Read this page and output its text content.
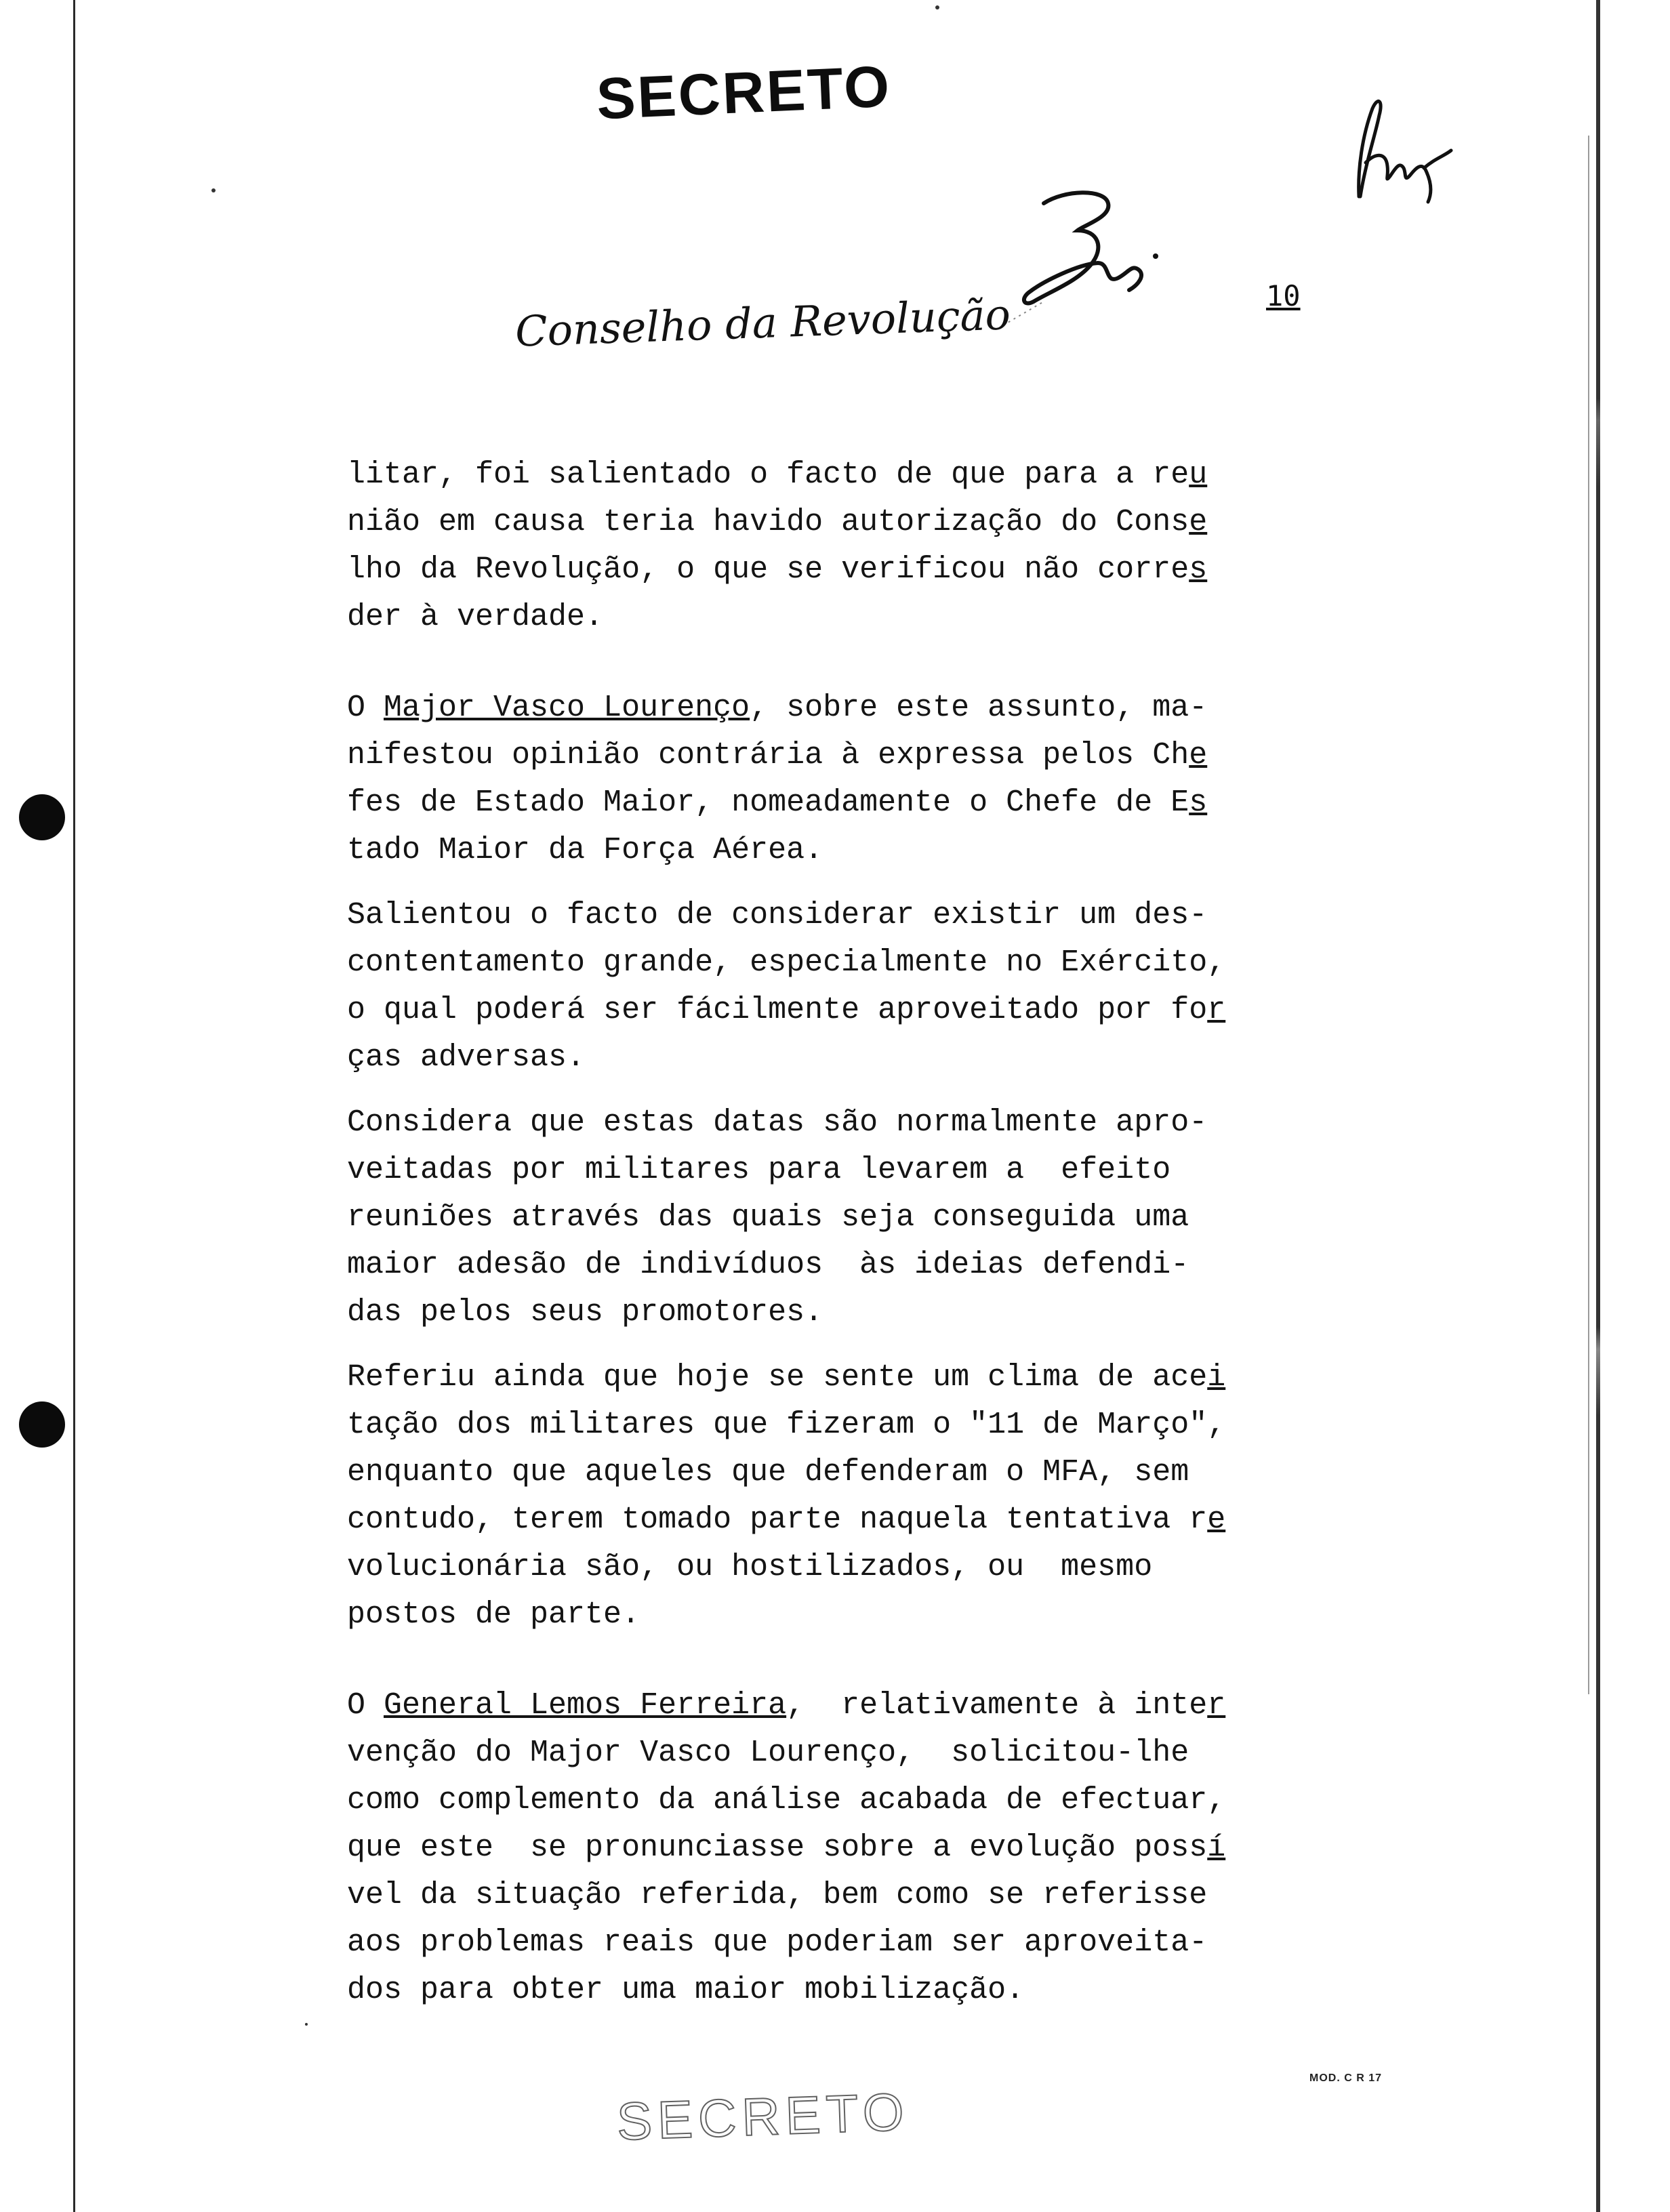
SECRETO
Conselho da Revolução	10
litar, foi salientado o facto de que para a reu
nião em causa teria havido autorização do Conse
lho da Revolução, o que se verificou não corres
der à verdade.
O Major Vasco Lourenço, sobre este assunto, ma-
nifestou opinião contrária à expressa pelos Che
fes de Estado Maior, nomeadamente o Chefe de Es
tado Maior da Força Aérea.
Salientou o facto de considerar existir um des-
contentamento grande, especialmente no Exército,
o qual poderá ser fácilmente aproveitado por for
ças adversas.
Considera que estas datas são normalmente apro-
veitadas por militares para levarem a  efeito
reuniões através das quais seja conseguida uma
maior adesão de indivíduos  às ideias defendi-
das pelos seus promotores.
Referiu ainda que hoje se sente um clima de acei
tação dos militares que fizeram o "11 de Março",
enquanto que aqueles que defenderam o MFA, sem
contudo, terem tomado parte naquela tentativa re
volucionária são, ou hostilizados, ou  mesmo
postos de parte.
O General Lemos Ferreira,  relativamente à inter
venção do Major Vasco Lourenço,  solicitou-lhe
como complemento da análise acabada de efectuar,
que este  se pronunciasse sobre a evolução possí
vel da situação referida, bem como se referisse
aos problemas reais que poderiam ser aproveita-
dos para obter uma maior mobilização.
MOD. C R 17
SECRETO
